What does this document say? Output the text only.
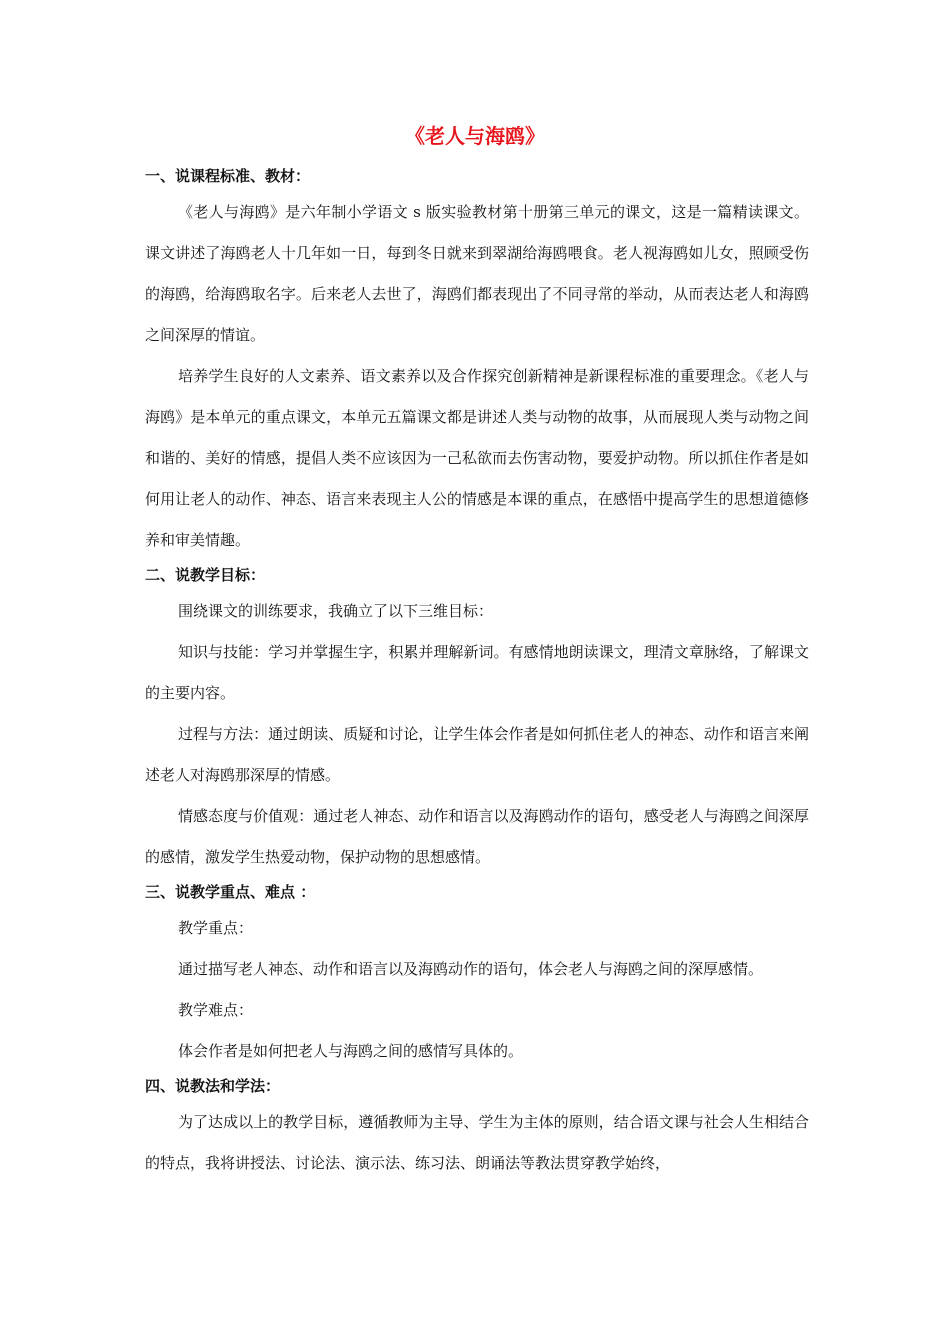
《老人与海鸥》

一、说课程标准、教材：

《老人与海鸥》是六年制小学语文 s 版实验教材第十册第三单元的课文，这是一篇精读课文。课文讲述了海鸥老人十几年如一日，每到冬日就来到翠湖给海鸥喂食。老人视海鸥如儿女，照顾受伤的海鸥，给海鸥取名字。后来老人去世了，海鸥们都表现出了不同寻常的举动，从而表达老人和海鸥之间深厚的情谊。

培养学生良好的人文素养、语文素养以及合作探究创新精神是新课程标准的重要理念。《老人与海鸥》是本单元的重点课文，本单元五篇课文都是讲述人类与动物的故事，从而展现人类与动物之间和谐的、美好的情感，提倡人类不应该因为一己私欲而去伤害动物，要爱护动物。所以抓住作者是如何用让老人的动作、神态、语言来表现主人公的情感是本课的重点，在感悟中提高学生的思想道德修养和审美情趣。

二、说教学目标：

围绕课文的训练要求，我确立了以下三维目标：

知识与技能：学习并掌握生字，积累并理解新词。有感情地朗读课文，理清文章脉络，了解课文的主要内容。

过程与方法：通过朗读、质疑和讨论，让学生体会作者是如何抓住老人的神态、动作和语言来阐述老人对海鸥那深厚的情感。

情感态度与价值观：通过老人神态、动作和语言以及海鸥动作的语句，感受老人与海鸥之间深厚的感情，激发学生热爱动物，保护动物的思想感情。

三、说教学重点、难点 ：

教学重点：

通过描写老人神态、动作和语言以及海鸥动作的语句，体会老人与海鸥之间的深厚感情。

教学难点：

体会作者是如何把老人与海鸥之间的感情写具体的。

四、说教法和学法：

为了达成以上的教学目标，遵循教师为主导、学生为主体的原则，结合语文课与社会人生相结合的特点，我将讲授法、讨论法、演示法、练习法、朗诵法等教法贯穿教学始终，
